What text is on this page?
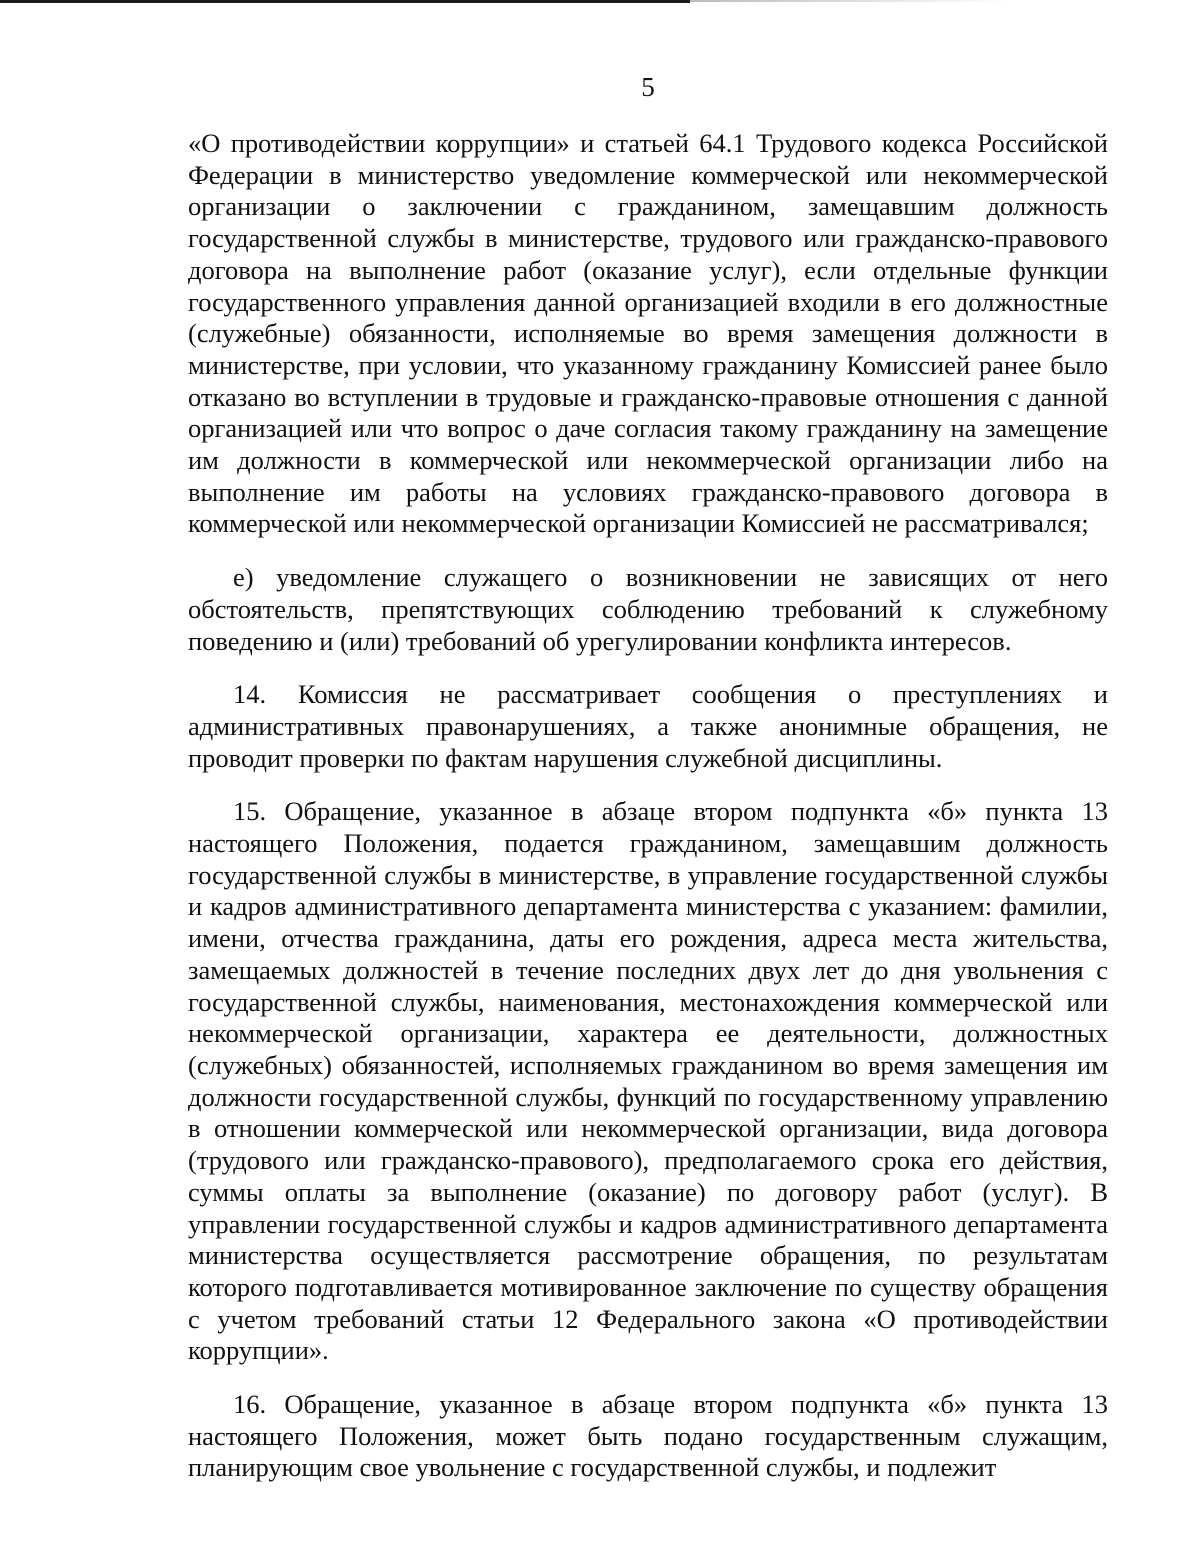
5

«О противодействии коррупции» и статьей 64.1 Трудового кодекса Российской Федерации в министерство уведомление коммерческой или некоммерческой организации о заключении с гражданином, замещавшим должность государственной службы в министерстве, трудового или гражданско-правового договора на выполнение работ (оказание услуг), если отдельные функции государственного управления данной организацией входили в его должностные (служебные) обязанности, исполняемые во время замещения должности в министерстве, при условии, что указанному гражданину Комиссией ранее было отказано во вступлении в трудовые и гражданско-правовые отношения с данной организацией или что вопрос о даче согласия такому гражданину на замещение им должности в коммерческой или некоммерческой организации либо на выполнение им работы на условиях гражданско-правового договора в коммерческой или некоммерческой организации Комиссией не рассматривался;

е) уведомление служащего о возникновении не зависящих от него обстоятельств, препятствующих соблюдению требований к служебному поведению и (или) требований об урегулировании конфликта интересов.

14. Комиссия не рассматривает сообщения о преступлениях и административных правонарушениях, а также анонимные обращения, не проводит проверки по фактам нарушения служебной дисциплины.

15. Обращение, указанное в абзаце втором подпункта «б» пункта 13 настоящего Положения, подается гражданином, замещавшим должность государственной службы в министерстве, в управление государственной службы и кадров административного департамента министерства с указанием: фамилии, имени, отчества гражданина, даты его рождения, адреса места жительства, замещаемых должностей в течение последних двух лет до дня увольнения с государственной службы, наименования, местонахождения коммерческой или некоммерческой организации, характера ее деятельности, должностных (служебных) обязанностей, исполняемых гражданином во время замещения им должности государственной службы, функций по государственному управлению в отношении коммерческой или некоммерческой организации, вида договора (трудового или гражданско-правового), предполагаемого срока его действия, суммы оплаты за выполнение (оказание) по договору работ (услуг). В управлении государственной службы и кадров административного департамента министерства осуществляется рассмотрение обращения, по результатам которого подготавливается мотивированное заключение по существу обращения с учетом требований статьи 12 Федерального закона «О противодействии коррупции».

16. Обращение, указанное в абзаце втором подпункта «б» пункта 13 настоящего Положения, может быть подано государственным служащим, планирующим свое увольнение с государственной службы, и подлежит
